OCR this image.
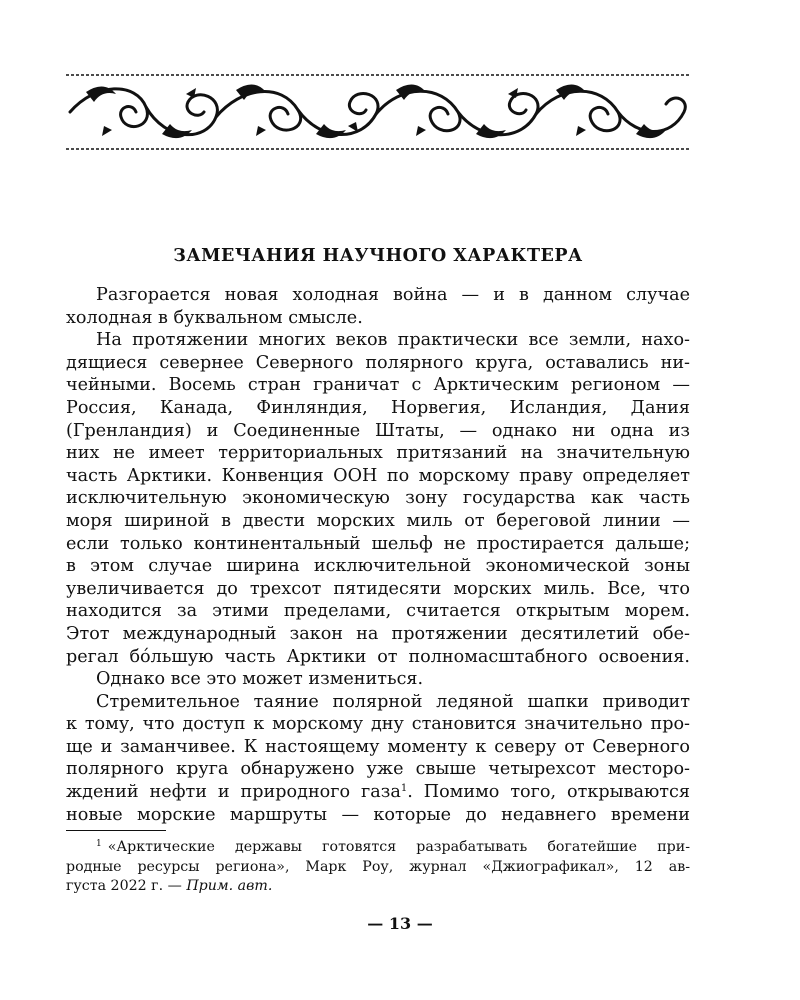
ЗАМЕЧАНИЯ НАУЧНОГО ХАРАКТЕРА
Разгорается новая холодная война — и в данном случае
холодная в буквальном смысле.
На протяжении многих веков практически все земли, нахо-
дящиеся севернее Северного полярного круга, оставались ни-
чейными. Восемь стран граничат с Арктическим регионом —
Россия, Канада, Финляндия, Норвегия, Исландия, Дания
(Гренландия) и Соединенные Штаты, — однако ни одна из
них не имеет территориальных притязаний на значительную
часть Арктики. Конвенция ООН по морскому праву определяет
исключительную экономическую зону государства как часть
моря шириной в двести морских миль от береговой линии —
если только континентальный шельф не простирается дальше;
в этом случае ширина исключительной экономической зоны
увеличивается до трехсот пятидесяти морских миль. Все, что
находится за этими пределами, считается открытым морем.
Этот международный закон на протяжении десятилетий обе-
регал бóльшую часть Арктики от полномасштабного освоения.
Однако все это может измениться.
Стремительное таяние полярной ледяной шапки приводит
к тому, что доступ к морскому дну становится значительно про-
ще и заманчивее. К настоящему моменту к северу от Северного
полярного круга обнаружено уже свыше четырехсот месторо-
ждений нефти и природного газа$^1$. Помимо того, открываются
новые морские маршруты — которые до недавнего времени
$^1$ «Арктические державы готовятся разрабатывать богатейшие при-
родные ресурсы региона», Марк Роу, журнал «Джиографикал», 12 ав-
густа 2022 г. — Прим. авт.
— 13 —
